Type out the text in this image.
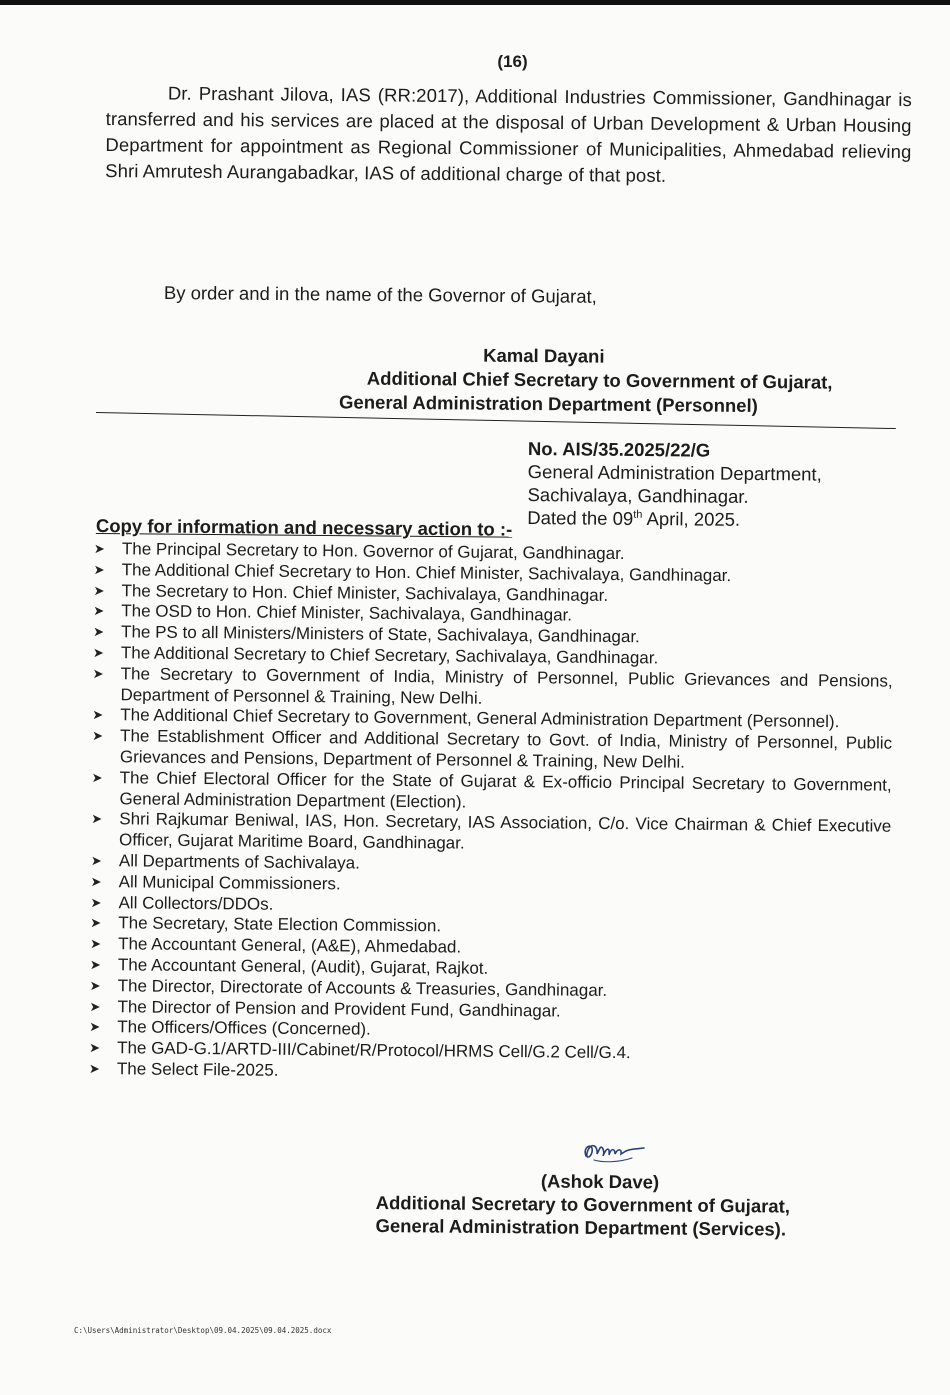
(16)

Dr. Prashant Jilova, IAS (RR:2017), Additional Industries Commissioner, Gandhinagar is transferred and his services are placed at the disposal of Urban Development & Urban Housing Department for appointment as Regional Commissioner of Municipalities, Ahmedabad relieving Shri Amrutesh Aurangabadkar, IAS of additional charge of that post.

By order and in the name of the Governor of Gujarat,

Kamal Dayani
Additional Chief Secretary to Government of Gujarat,
General Administration Department (Personnel)
No. AIS/35.2025/22/G
General Administration Department,
Sachivalaya, Gandhinagar.
Dated the 09th April, 2025.
Copy for information and necessary action to :-
➤ The Principal Secretary to Hon. Governor of Gujarat, Gandhinagar.
➤ The Additional Chief Secretary to Hon. Chief Minister, Sachivalaya, Gandhinagar.
➤ The Secretary to Hon. Chief Minister, Sachivalaya, Gandhinagar.
➤ The OSD to Hon. Chief Minister, Sachivalaya, Gandhinagar.
➤ The PS to all Ministers/Ministers of State, Sachivalaya, Gandhinagar.
➤ The Additional Secretary to Chief Secretary, Sachivalaya, Gandhinagar.
➤ The Secretary to Government of India, Ministry of Personnel, Public Grievances and Pensions, Department of Personnel & Training, New Delhi.
➤ The Additional Chief Secretary to Government, General Administration Department (Personnel).
➤ The Establishment Officer and Additional Secretary to Govt. of India, Ministry of Personnel, Public Grievances and Pensions, Department of Personnel & Training, New Delhi.
➤ The Chief Electoral Officer for the State of Gujarat & Ex-officio Principal Secretary to Government, General Administration Department (Election).
➤ Shri Rajkumar Beniwal, IAS, Hon. Secretary, IAS Association, C/o. Vice Chairman & Chief Executive Officer, Gujarat Maritime Board, Gandhinagar.
➤ All Departments of Sachivalaya.
➤ All Municipal Commissioners.
➤ All Collectors/DDOs.
➤ The Secretary, State Election Commission.
➤ The Accountant General, (A&E), Ahmedabad.
➤ The Accountant General, (Audit), Gujarat, Rajkot.
➤ The Director, Directorate of Accounts & Treasuries, Gandhinagar.
➤ The Director of Pension and Provident Fund, Gandhinagar.
➤ The Officers/Offices (Concerned).
➤ The GAD-G.1/ARTD-III/Cabinet/R/Protocol/HRMS Cell/G.2 Cell/G.4.
➤ The Select File-2025.
(Ashok Dave)
Additional Secretary to Government of Gujarat,
General Administration Department (Services).
C:\Users\Administrator\Desktop\09.04.2025\09.04.2025.docx
